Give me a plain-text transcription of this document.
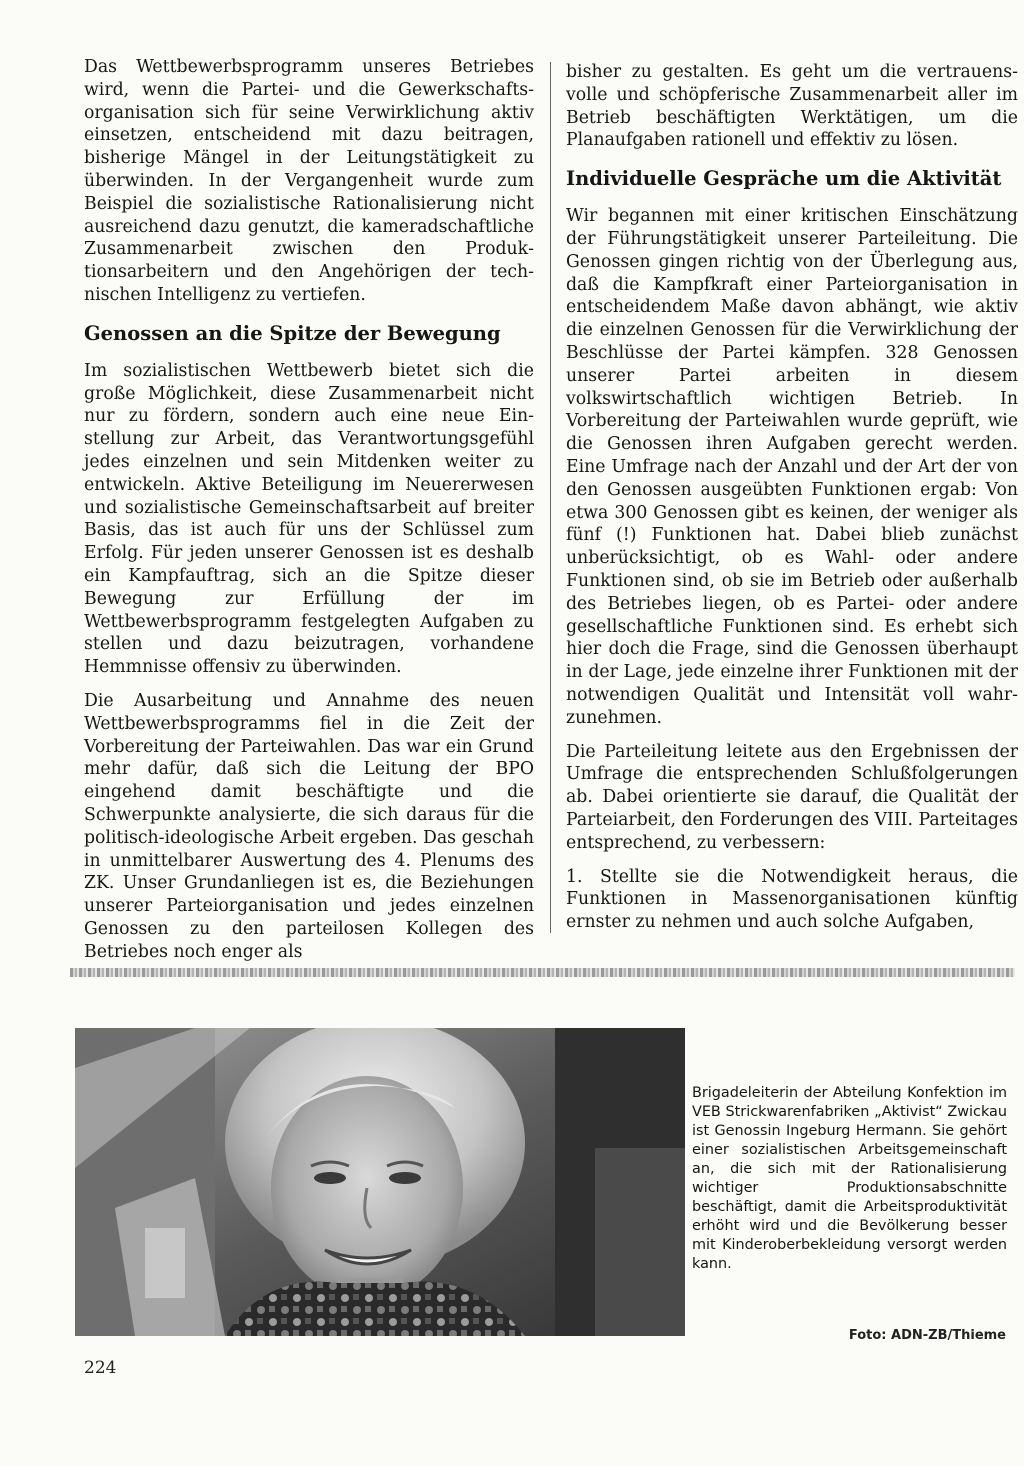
Das Wettbewerbsprogramm unseres Betriebes wird, wenn die Partei- und die Gewerkschaftsorganisation sich für seine Verwirklichung aktiv einsetzen, entscheidend mit dazu beitragen, bisherige Mängel in der Leitungstätigkeit zu überwinden. In der Vergangenheit wurde zum Beispiel die sozialistische Rationalisierung nicht ausreichend dazu genutzt, die kameradschaftliche Zusammenarbeit zwischen den Produktionsarbeitern und den Angehörigen der technischen Intelligenz zu vertiefen.

Genossen an die Spitze der Bewegung

Im sozialistischen Wettbewerb bietet sich die große Möglichkeit, diese Zusammenarbeit nicht nur zu fördern, sondern auch eine neue Einstellung zur Arbeit, das Verantwortungsgefühl jedes einzelnen und sein Mitdenken weiter zu entwickeln. Aktive Beteiligung im Neuererwesen und sozialistische Gemeinschaftsarbeit auf breiter Basis, das ist auch für uns der Schlüssel zum Erfolg. Für jeden unserer Genossen ist es deshalb ein Kampfauftrag, sich an die Spitze dieser Bewegung zur Erfüllung der im Wettbewerbsprogramm festgelegten Aufgaben zu stellen und dazu beizutragen, vorhandene Hemmnisse offensiv zu überwinden.

Die Ausarbeitung und Annahme des neuen Wettbewerbsprogramms fiel in die Zeit der Vorbereitung der Parteiwahlen. Das war ein Grund mehr dafür, daß sich die Leitung der BPO eingehend damit beschäftigte und die Schwerpunkte analysierte, die sich daraus für die politisch-ideologische Arbeit ergeben. Das geschah in unmittelbarer Auswertung des 4. Plenums des ZK. Unser Grundanliegen ist es, die Beziehungen unserer Parteiorganisation und jedes einzelnen Genossen zu den parteilosen Kollegen des Betriebes noch enger als

bisher zu gestalten. Es geht um die vertrauensvolle und schöpferische Zusammenarbeit aller im Betrieb beschäftigten Werktätigen, um die Planaufgaben rationell und effektiv zu lösen.

Individuelle Gespräche um die Aktivität

Wir begannen mit einer kritischen Einschätzung der Führungstätigkeit unserer Parteileitung. Die Genossen gingen richtig von der Überlegung aus, daß die Kampfkraft einer Parteiorganisation in entscheidendem Maße davon abhängt, wie aktiv die einzelnen Genossen für die Verwirklichung der Beschlüsse der Partei kämpfen. 328 Genossen unserer Partei arbeiten in diesem volkswirtschaftlich wichtigen Betrieb. In Vorbereitung der Parteiwahlen wurde geprüft, wie die Genossen ihren Aufgaben gerecht werden. Eine Umfrage nach der Anzahl und der Art der von den Genossen ausgeübten Funktionen ergab: Von etwa 300 Genossen gibt es keinen, der weniger als fünf (!) Funktionen hat. Dabei blieb zunächst unberücksichtigt, ob es Wahl- oder andere Funktionen sind, ob sie im Betrieb oder außerhalb des Betriebes liegen, ob es Partei- oder andere gesellschaftliche Funktionen sind. Es erhebt sich hier doch die Frage, sind die Genossen überhaupt in der Lage, jede einzelne ihrer Funktionen mit der notwendigen Qualität und Intensität voll wahrzunehmen.

Die Parteileitung leitete aus den Ergebnissen der Umfrage die entsprechenden Schlußfolgerungen ab. Dabei orientierte sie darauf, die Qualität der Parteiarbeit, den Forderungen des VIII. Parteitages entsprechend, zu verbessern:

1. Stellte sie die Notwendigkeit heraus, die Funktionen in Massenorganisationen künftig ernster zu nehmen und auch solche Aufgaben,

Brigadeleiterin der Abteilung Konfektion im VEB Strickwarenfabriken „Aktivist“ Zwickau ist Genossin Ingeburg Hermann. Sie gehört einer sozialistischen Arbeitsgemeinschaft an, die sich mit der Rationalisierung wichtiger Produktionsabschnitte beschäftigt, damit die Arbeitsproduktivität erhöht wird und die Bevölkerung besser mit Kinderoberbekleidung versorgt werden kann.
Foto: ADN-ZB/Thieme
224
